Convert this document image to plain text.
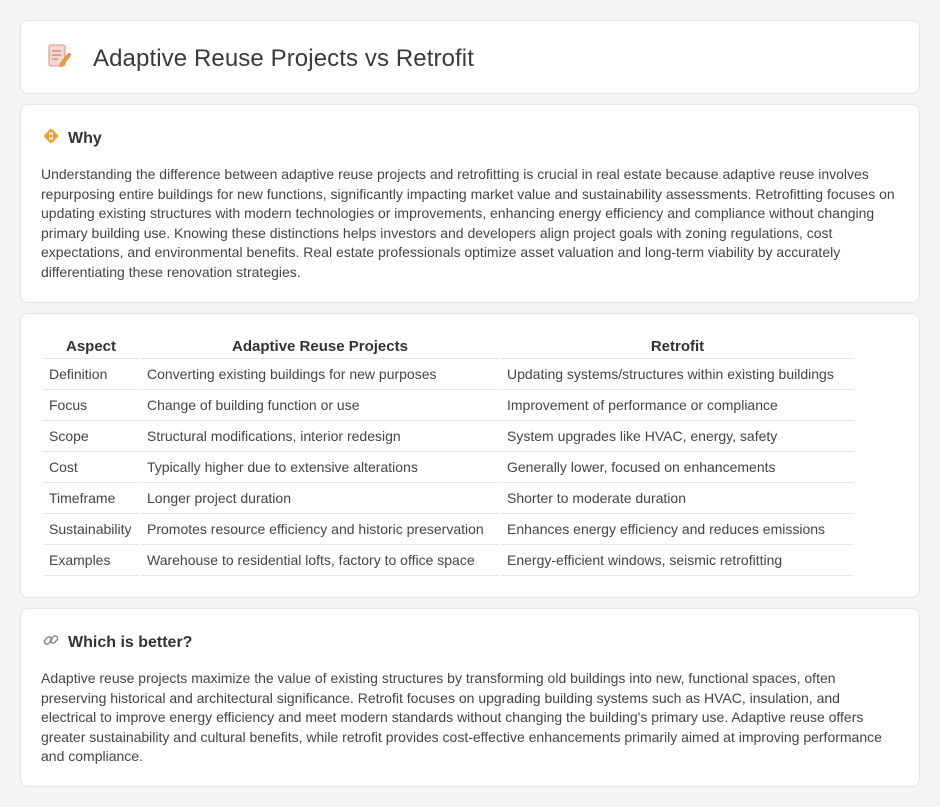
Adaptive Reuse Projects vs Retrofit
Why

Understanding the difference between adaptive reuse projects and retrofitting is crucial in real estate because adaptive reuse involves repurposing entire buildings for new functions, significantly impacting market value and sustainability assessments. Retrofitting focuses on updating existing structures with modern technologies or improvements, enhancing energy efficiency and compliance without changing primary building use. Knowing these distinctions helps investors and developers align project goals with zoning regulations, cost expectations, and environmental benefits. Real estate professionals optimize asset valuation and long-term viability by accurately differentiating these renovation strategies.

Aspect	Adaptive Reuse Projects	Retrofit
Definition	Converting existing buildings for new purposes	Updating systems/structures within existing buildings
Focus	Change of building function or use	Improvement of performance or compliance
Scope	Structural modifications, interior redesign	System upgrades like HVAC, energy, safety
Cost	Typically higher due to extensive alterations	Generally lower, focused on enhancements
Timeframe	Longer project duration	Shorter to moderate duration
Sustainability	Promotes resource efficiency and historic preservation	Enhances energy efficiency and reduces emissions
Examples	Warehouse to residential lofts, factory to office space	Energy-efficient windows, seismic retrofitting
Which is better?

Adaptive reuse projects maximize the value of existing structures by transforming old buildings into new, functional spaces, often preserving historical and architectural significance. Retrofit focuses on upgrading building systems such as HVAC, insulation, and electrical to improve energy efficiency and meet modern standards without changing the building's primary use. Adaptive reuse offers greater sustainability and cultural benefits, while retrofit provides cost-effective enhancements primarily aimed at improving performance and compliance.
